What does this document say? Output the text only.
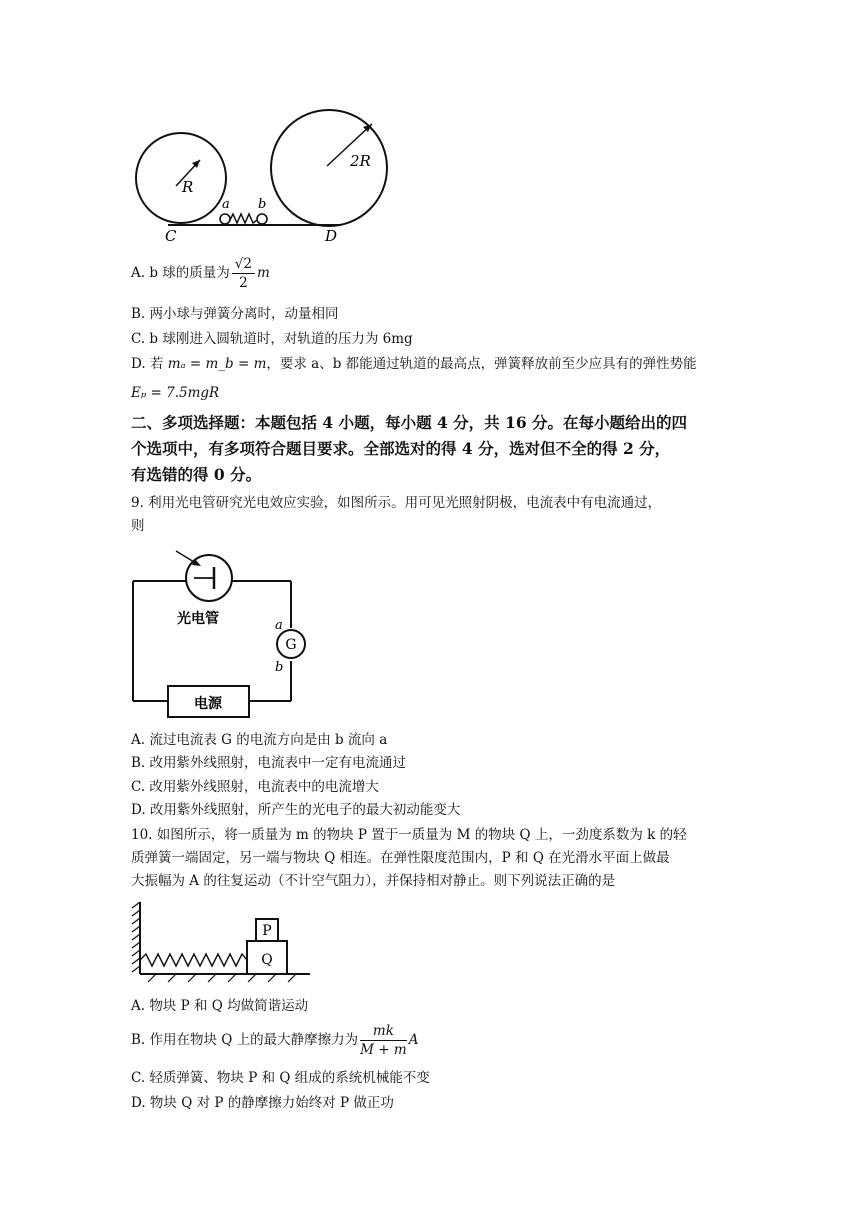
R
2R
a b
C	D
A. b 球的质量为 $\frac{√2}{2}$ m
B. 两小球与弹簧分离时，动量相同
C. b 球刚进入圆轨道时，对轨道的压力为 6mg
D. 若 mₐ = m_b = m，要求 a、b 都能通过轨道的最高点，弹簧释放前至少应具有的弹性势能
Eₚ = 7.5mgR
二、多项选择题：本题包括 4 小题，每小题 4 分，共 16 分。在每小题给出的四
个选项中，有多项符合题目要求。全部选对的得 4 分，选对但不全的得 2 分，
有选错的得 0 分。
9. 利用光电管研究光电效应实验，如图所示。用可见光照射阴极，电流表中有电流通过，
则
G
a
b
光电管
电源
A. 流过电流表 G 的电流方向是由 b 流向 a
B. 改用紫外线照射，电流表中一定有电流通过
C. 改用紫外线照射，电流表中的电流增大
D. 改用紫外线照射，所产生的光电子的最大初动能变大
10. 如图所示，将一质量为 m 的物块 P 置于一质量为 M 的物块 Q 上，一劲度系数为 k 的轻
质弹簧一端固定，另一端与物块 Q 相连。在弹性限度范围内，P 和 Q 在光滑水平面上做最
大振幅为 A 的往复运动（不计空气阻力），并保持相对静止。则下列说法正确的是
P
Q
A. 物块 P 和 Q 均做简谐运动
B. 作用在物块 Q 上的最大静摩擦力为 $\frac{mk}{M + m}$ A
C. 轻质弹簧、物块 P 和 Q 组成的系统机械能不变
D. 物块 Q 对 P 的静摩擦力始终对 P 做正功
